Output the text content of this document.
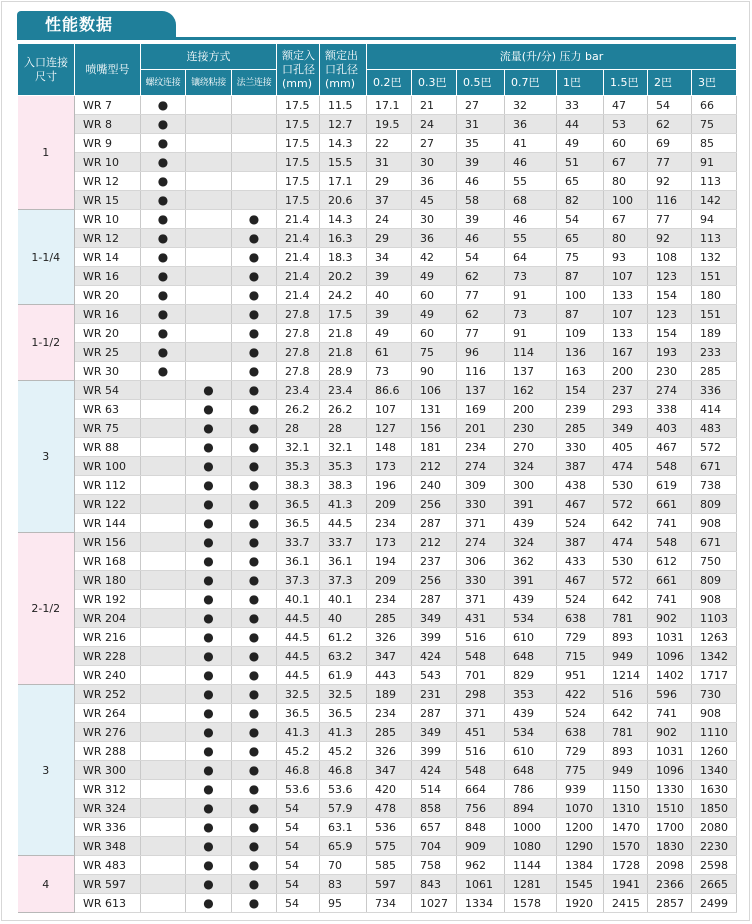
性能数据
入口连接尺寸	喷嘴型号	连接方式			额定入口孔径(mm)	额定出口孔径(mm)	流量(升/分) 压力 bar							
		螺纹连接	镶绕粘接	法兰连接			0.2巴	0.3巴	0.5巴	0.7巴	1巴	1.5巴	2巴	3巴
1	WR 7	●			17.5	11.5	17.1	21	27	32	33	47	54	66
	WR 8	●			17.5	12.7	19.5	24	31	36	44	53	62	75
	WR 9	●			17.5	14.3	22	27	35	41	49	60	69	85
	WR 10	●			17.5	15.5	31	30	39	46	51	67	77	91
	WR 12	●			17.5	17.1	29	36	46	55	65	80	92	113
	WR 15	●			17.5	20.6	37	45	58	68	82	100	116	142
1-1/4	WR 10	●		●	21.4	14.3	24	30	39	46	54	67	77	94
	WR 12	●		●	21.4	16.3	29	36	46	55	65	80	92	113
	WR 14	●		●	21.4	18.3	34	42	54	64	75	93	108	132
	WR 16	●		●	21.4	20.2	39	49	62	73	87	107	123	151
	WR 20	●		●	21.4	24.2	40	60	77	91	100	133	154	180
1-1/2	WR 16	●		●	27.8	17.5	39	49	62	73	87	107	123	151
	WR 20	●		●	27.8	21.8	49	60	77	91	109	133	154	189
	WR 25	●		●	27.8	21.8	61	75	96	114	136	167	193	233
	WR 30	●		●	27.8	28.9	73	90	116	137	163	200	230	285
3	WR 54		●	●	23.4	23.4	86.6	106	137	162	154	237	274	336
	WR 63		●	●	26.2	26.2	107	131	169	200	239	293	338	414
	WR 75		●	●	28	28	127	156	201	230	285	349	403	483
	WR 88		●	●	32.1	32.1	148	181	234	270	330	405	467	572
	WR 100		●	●	35.3	35.3	173	212	274	324	387	474	548	671
	WR 112		●	●	38.3	38.3	196	240	309	300	438	530	619	738
	WR 122		●	●	36.5	41.3	209	256	330	391	467	572	661	809
	WR 144		●	●	36.5	44.5	234	287	371	439	524	642	741	908
2-1/2	WR 156		●	●	33.7	33.7	173	212	274	324	387	474	548	671
	WR 168		●	●	36.1	36.1	194	237	306	362	433	530	612	750
	WR 180		●	●	37.3	37.3	209	256	330	391	467	572	661	809
	WR 192		●	●	40.1	40.1	234	287	371	439	524	642	741	908
	WR 204		●	●	44.5	40	285	349	431	534	638	781	902	1103
	WR 216		●	●	44.5	61.2	326	399	516	610	729	893	1031	1263
	WR 228		●	●	44.5	63.2	347	424	548	648	715	949	1096	1342
	WR 240		●	●	44.5	61.9	443	543	701	829	951	1214	1402	1717
3	WR 252		●	●	32.5	32.5	189	231	298	353	422	516	596	730
	WR 264		●	●	36.5	36.5	234	287	371	439	524	642	741	908
	WR 276		●	●	41.3	41.3	285	349	451	534	638	781	902	1110
	WR 288		●	●	45.2	45.2	326	399	516	610	729	893	1031	1260
	WR 300		●	●	46.8	46.8	347	424	548	648	775	949	1096	1340
	WR 312		●	●	53.6	53.6	420	514	664	786	939	1150	1330	1630
	WR 324		●	●	54	57.9	478	858	756	894	1070	1310	1510	1850
	WR 336		●	●	54	63.1	536	657	848	1000	1200	1470	1700	2080
	WR 348		●	●	54	65.9	575	704	909	1080	1290	1570	1830	2230
4	WR 483		●	●	54	70	585	758	962	1144	1384	1728	2098	2598
	WR 597		●	●	54	83	597	843	1061	1281	1545	1941	2366	2665
	WR 613		●	●	54	95	734	1027	1334	1578	1920	2415	2857	2499
